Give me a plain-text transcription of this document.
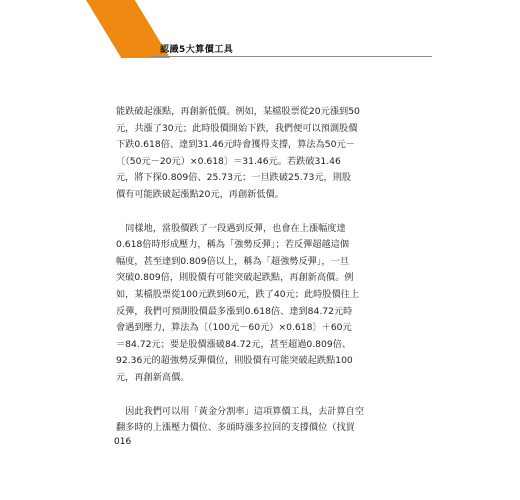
認識5大算價工具

能跌破起漲點，再創新低價。例如，某檔股票從20元漲到50
元，共漲了30元；此時股價開始下跌，我們便可以預測股價
下跌0.618倍、達到31.46元時會獲得支撐，算法為50元－
〔（50元－20元）×0.618〕＝31.46元。若跌破31.46
元，將下探0.809倍、25.73元；一旦跌破25.73元，則股
價有可能跌破起漲點20元，再創新低價。

　同樣地，當股價跌了一段遇到反彈，也會在上漲幅度達
0.618倍時形成壓力，稱為「強勢反彈」；若反彈超越這個
幅度，甚至達到0.809倍以上，稱為「超強勢反彈」，一旦
突破0.809倍，則股價有可能突破起跌點，再創新高價。例
如，某檔股票從100元跌到60元，跌了40元；此時股價往上
反彈，我們可預測股價最多漲到0.618倍、達到84.72元時
會遇到壓力，算法為〔（100元－60元）×0.618〕＋60元
＝84.72元；要是股價漲破84.72元，甚至超過0.809倍、
92.36元的超強勢反彈價位，則股價有可能突破起跌點100
元，再創新高價。

　因此我們可以用「黃金分割率」這項算價工具，去計算自空
翻多時的上漲壓力價位、多頭時漲多拉回的支撐價位（找買

016
